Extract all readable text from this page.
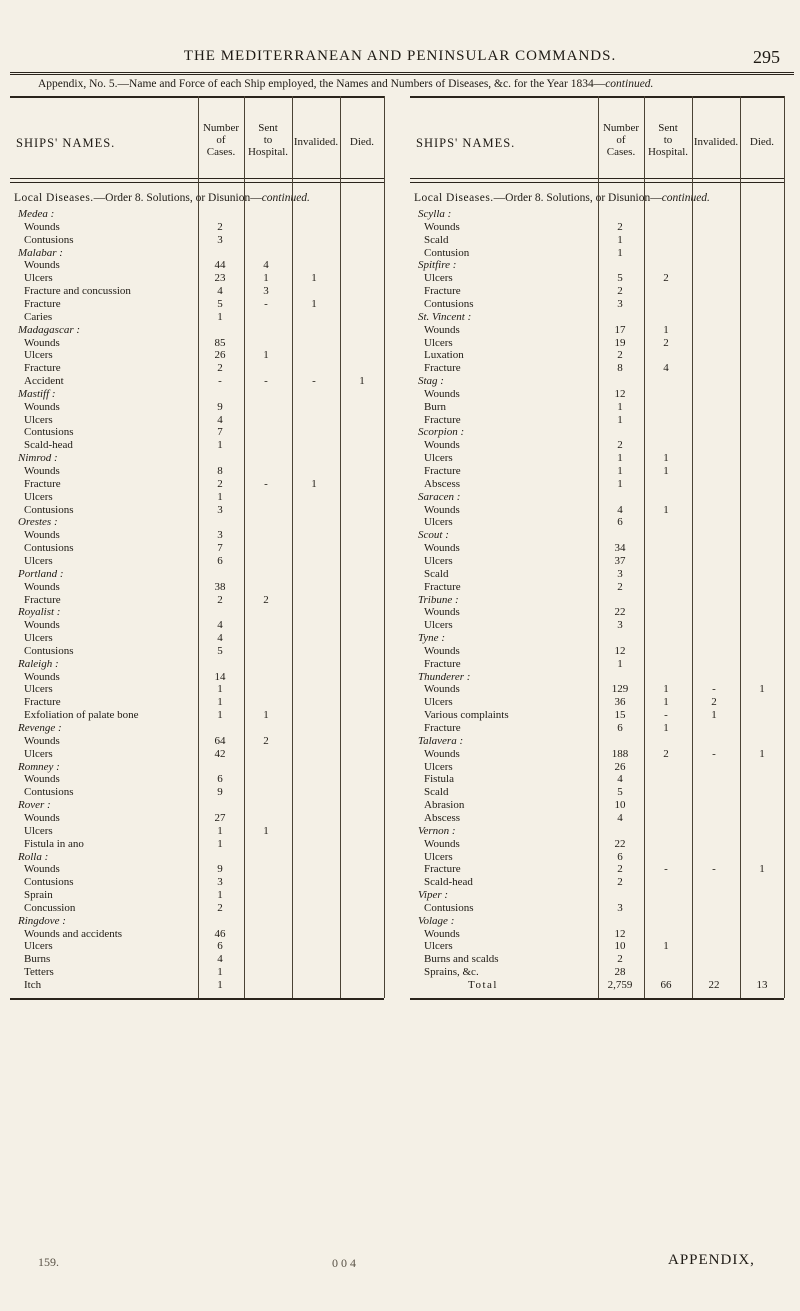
THE MEDITERRANEAN AND PENINSULAR COMMANDS.	295
Appendix, No. 5.—Name and Force of each Ship employed, the Names and Numbers of Diseases, &c. for the Year 1834—continued.
SHIPS' NAMES.
Number
of
Cases.
Sent
to
Hospital.
Invalided.	Died.
Local Diseases.—Order 8. Solutions, or Disunion—continued.
Medea :
Wounds	2
Contusions	3
Malabar :
Wounds	44	4
Ulcers	23	1	1
Fracture and concussion	4	3
Fracture	5	-	1
Caries	1
Madagascar :
Wounds	85
Ulcers	26	1
Fracture	2
Accident	-	-	-	1
Mastiff :
Wounds	9
Ulcers	4
Contusions	7
Scald-head	1
Nimrod :
Wounds	8
Fracture	2	-	1
Ulcers	1
Contusions	3
Orestes :
Wounds	3
Contusions	7
Ulcers	6
Portland :
Wounds	38
Fracture	2	2
Royalist :
Wounds	4
Ulcers	4
Contusions	5
Raleigh :
Wounds	14
Ulcers	1
Fracture	1
Exfoliation of palate bone	1	1
Revenge :
Wounds	64	2
Ulcers	42
Romney :
Wounds	6
Contusions	9
Rover :
Wounds	27
Ulcers	1	1
Fistula in ano	1
Rolla :
Wounds	9
Contusions	3
Sprain	1
Concussion	2
Ringdove :
Wounds and accidents	46
Ulcers	6
Burns	4
Tetters	1
Itch	1
SHIPS' NAMES.
Number
of
Cases.
Sent
to
Hospital.
Invalided.	Died.
Local Diseases.—Order 8. Solutions, or Disunion—continued.
Scylla :
Wounds	2
Scald	1
Contusion	1
Spitfire :
Ulcers	5	2
Fracture	2
Contusions	3
St. Vincent :
Wounds	17	1
Ulcers	19	2
Luxation	2
Fracture	8	4
Stag :
Wounds	12
Burn	1
Fracture	1
Scorpion :
Wounds	2
Ulcers	1	1
Fracture	1	1
Abscess	1
Saracen :
Wounds	4	1
Ulcers	6
Scout :
Wounds	34
Ulcers	37
Scald	3
Fracture	2
Tribune :
Wounds	22
Ulcers	3
Tyne :
Wounds	12
Fracture	1
Thunderer :
Wounds	129	1	-	1
Ulcers	36	1	2
Various complaints	15	-	1
Fracture	6	1
Talavera :
Wounds	188	2	-	1
Ulcers	26
Fistula	4
Scald	5
Abrasion	10
Abscess	4
Vernon :
Wounds	22
Ulcers	6
Fracture	2	-	-	1
Scald-head	2
Viper :
Contusions	3
Volage :
Wounds	12
Ulcers	10	1
Burns and scalds	2
Sprains, &c.	28
Total	2,759	66	22	13
159.	0 0 4	APPENDIX,
